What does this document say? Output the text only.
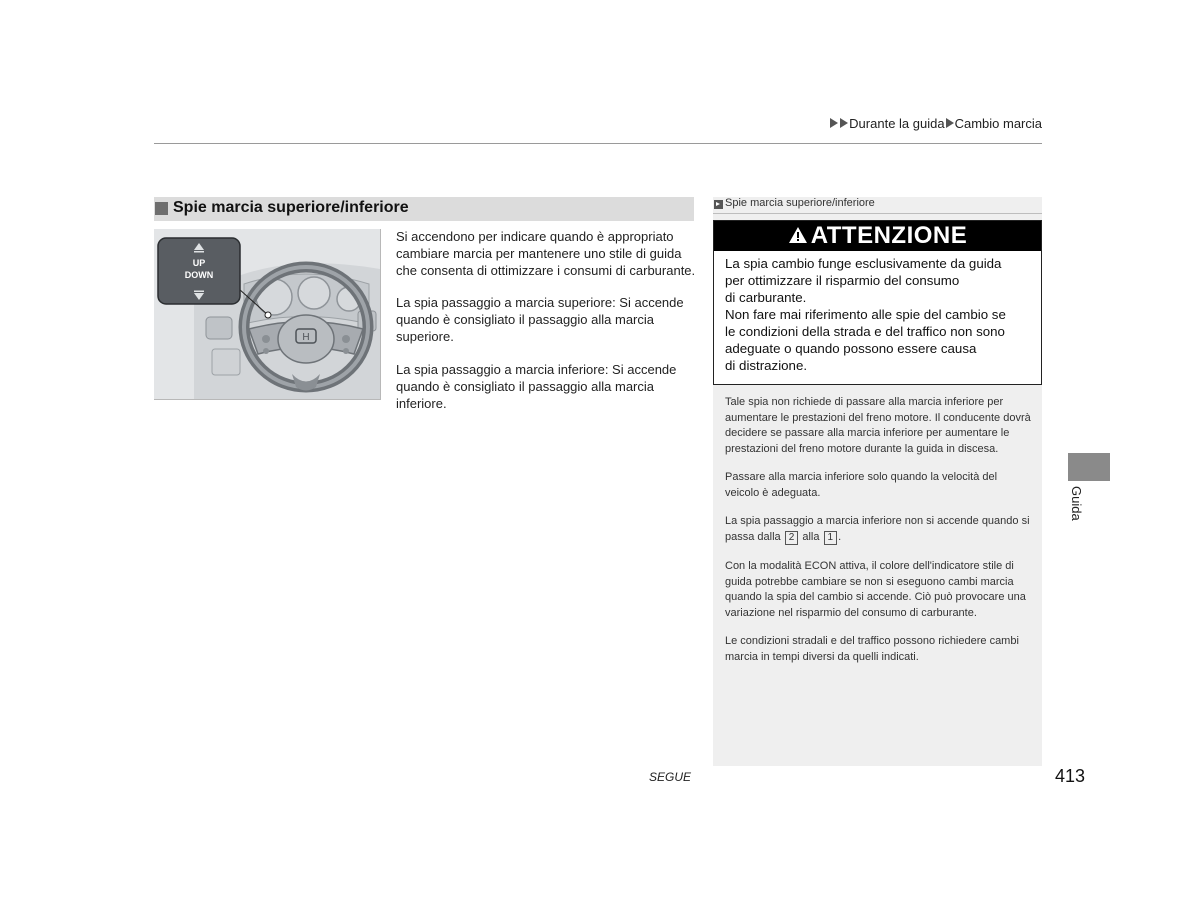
Durante la guida Cambio marcia
Spie marcia superiore/inferiore
H
UP
DOWN
Si accendono per indicare quando è appropriato cambiare marcia per mantenere uno stile di guida che consenta di ottimizzare i consumi di carburante.
La spia passaggio a marcia superiore: Si accende quando è consigliato il passaggio alla marcia superiore.
La spia passaggio a marcia inferiore: Si accende quando è consigliato il passaggio alla marcia inferiore.
Spie marcia superiore/inferiore
ATTENZIONE
La spia cambio funge esclusivamente da guida
per ottimizzare il risparmio del consumo
di carburante.
Non fare mai riferimento alle spie del cambio se
le condizioni della strada e del traffico non sono
adeguate o quando possono essere causa
di distrazione.
Tale spia non richiede di passare alla marcia inferiore per aumentare le prestazioni del freno motore. Il conducente dovrà decidere se passare alla marcia inferiore per aumentare le prestazioni del freno motore durante la guida in discesa.
Passare alla marcia inferiore solo quando la velocità del veicolo è adeguata.
La spia passaggio a marcia inferiore non si accende quando si passa dalla 2 alla 1 .
Con la modalità ECON attiva, il colore dell'indicatore stile di guida potrebbe cambiare se non si eseguono cambi marcia quando la spia del cambio si accende. Ciò può provocare una variazione nel risparmio del consumo di carburante.
Le condizioni stradali e del traffico possono richiedere cambi marcia in tempi diversi da quelli indicati.
Guida
SEGUE	413
